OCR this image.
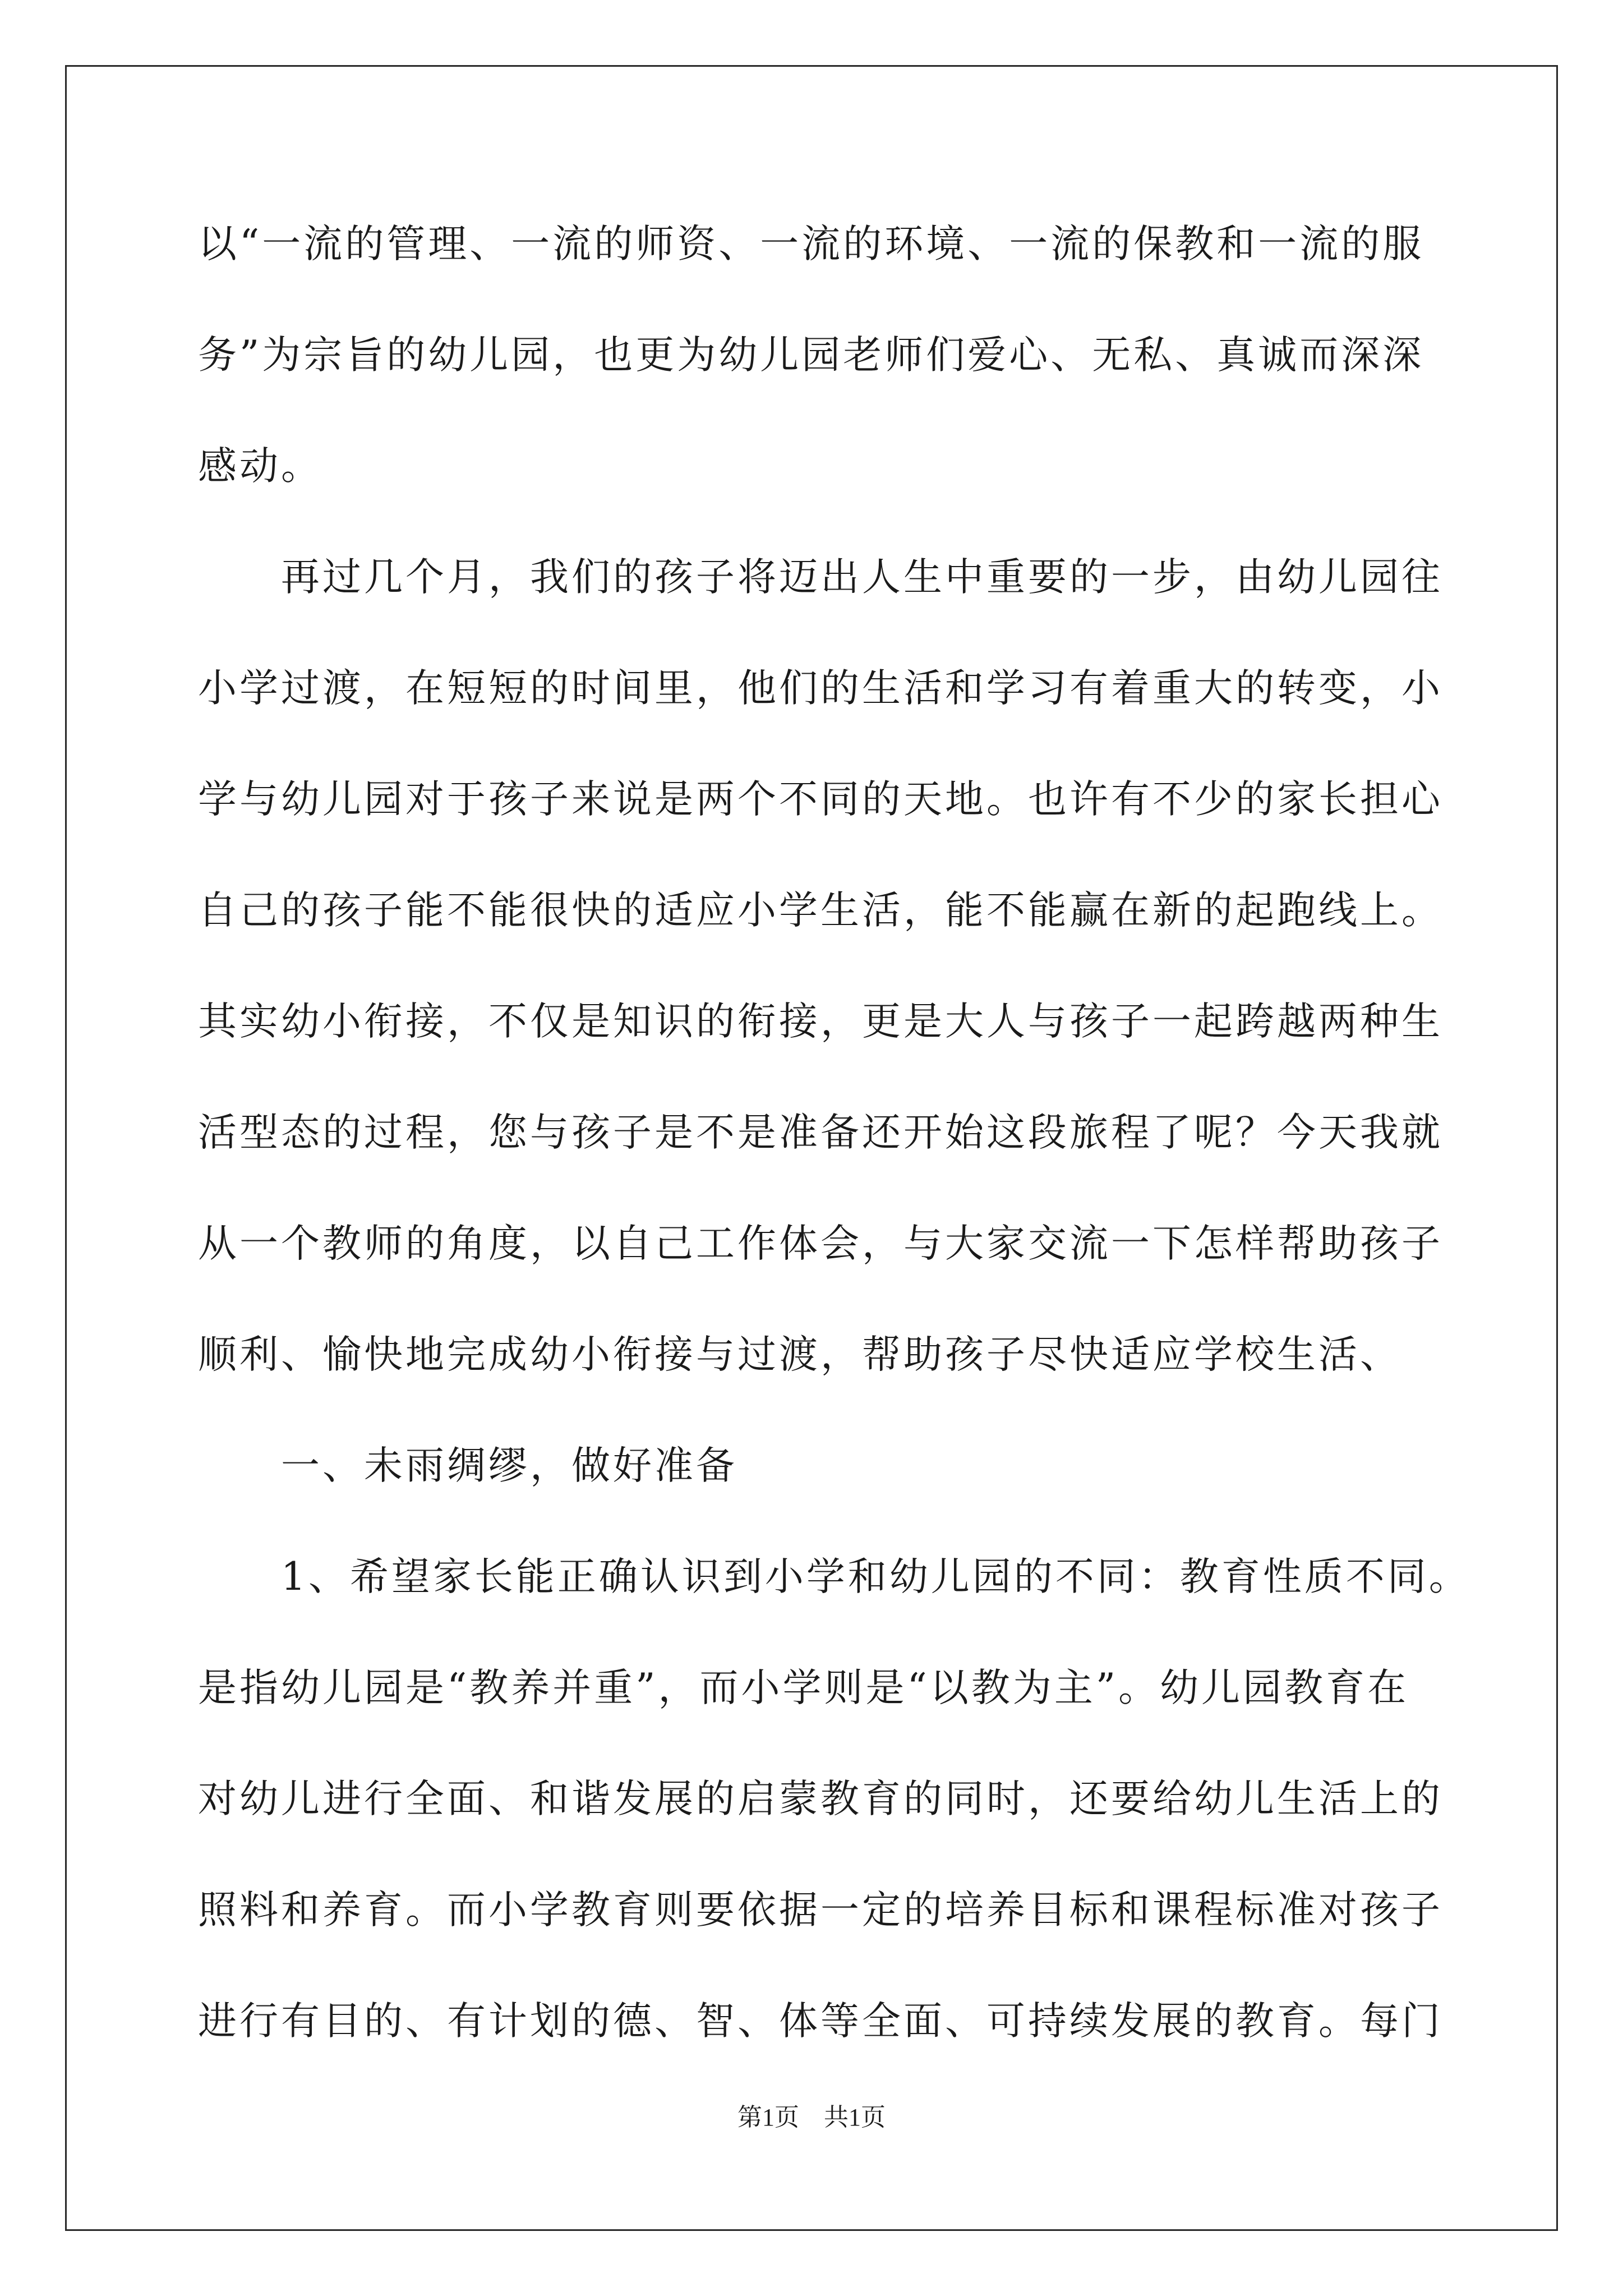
以“一流的管理、一流的师资、一流的环境、一流的保教和一流的服
务”为宗旨的幼儿园，也更为幼儿园老师们爱心、无私、真诚而深深
感动。
　　再过几个月，我们的孩子将迈出人生中重要的一步，由幼儿园往
小学过渡，在短短的时间里，他们的生活和学习有着重大的转变，小
学与幼儿园对于孩子来说是两个不同的天地。也许有不少的家长担心
自己的孩子能不能很快的适应小学生活，能不能赢在新的起跑线上。
其实幼小衔接，不仅是知识的衔接，更是大人与孩子一起跨越两种生
活型态的过程，您与孩子是不是准备还开始这段旅程了呢？今天我就
从一个教师的角度，以自己工作体会，与大家交流一下怎样帮助孩子
顺利、愉快地完成幼小衔接与过渡，帮助孩子尽快适应学校生活、
　　一、未雨绸缪，做好准备
　　1、希望家长能正确认识到小学和幼儿园的不同：教育性质不同。
是指幼儿园是“教养并重”，而小学则是“以教为主”。幼儿园教育在
对幼儿进行全面、和谐发展的启蒙教育的同时，还要给幼儿生活上的
照料和养育。而小学教育则要依据一定的培养目标和课程标准对孩子
进行有目的、有计划的德、智、体等全面、可持续发展的教育。每门
第1页　共1页
